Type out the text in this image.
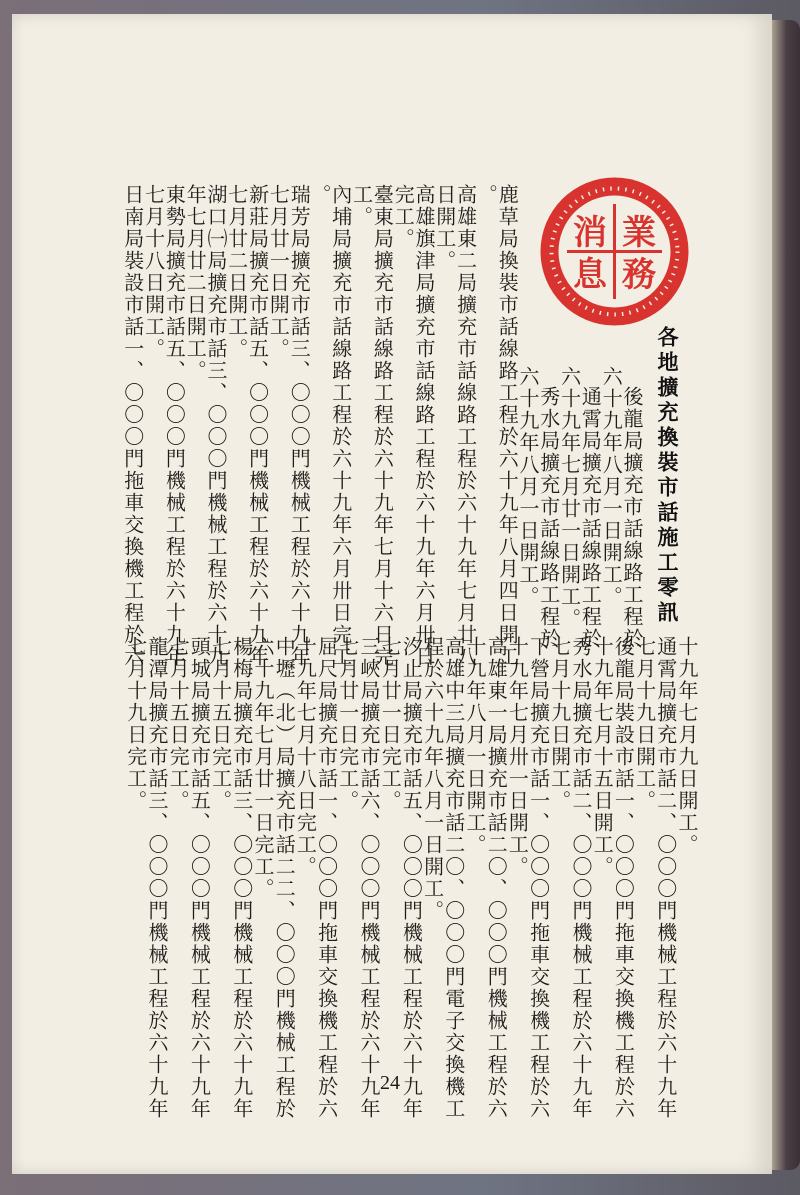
業
務
消
息
各地擴充換裝市話施工零訊
後龍局擴充市話線路工程於
六十九年八月一日開工。
通霄局擴充市話線路工程於
六十九年七月廿一日開工。
秀水局擴充市話線路工程於
六十九年八月一日開工。
鹿草局換裝市話線路工程於六十九年八月四日開工
。
高雄東二局擴充市話線路工程於六十九年七月廿八
日開工。
高雄旗津局擴充市話線路工程於六十九年六月卅日
完工。
臺東局擴充市話線路工程於六十九年七月十六日完
工。
內埔局擴充市話線路工程於六十九年六月卅日完工
。
瑞芳局擴充市話三、〇〇〇門機械工程於六十九年
七月廿一日開工。
新莊局擴充市話五、〇〇〇門機械工程於六十九年
七月廿二日開工。
湖口㈠局擴充市話三、〇〇〇門機械工程於六十九
年七月廿二日開工。
東勢局擴充市話五、〇〇〇門機械工程於六十九年
七月十八日開工。
日南局裝設市話一、〇〇〇門拖車交換機工程於六
十九年七月九日開工。
通霄局擴充市話二、〇〇〇門機械工程於六十九年
七月十九日開工。
後龍局裝設市話一、〇〇〇門拖車交換機工程於六
十九年七月十五日開工。
秀水局擴充市話二、〇〇〇門機械工程於六十九年
七月十九日開工。
下營局擴充市話一、〇〇〇門拖車交換機工程於六
十九年七月卅一日開工。
高雄東一局擴充市話二〇、〇〇〇門機械工程於六
十九年八月一日開工。
高雄中三局擴充市話二〇、〇〇〇門電子交換機工
程於六十九年八月一日開工。
汐止局擴充市話五、〇〇〇門機械工程於六十九年
七月廿一日完工。
三峽局擴充市話六、〇〇〇門機械工程於六十九年
七月廿一日完工。
屈尺局擴充市話一、〇〇〇門拖車交換機工程於六
十九年七月十八日完工。
中壢（北）局擴充市話二二、〇〇〇門機械工程於
六十九年七月廿一日完工。
楊梅局擴充市話三、〇〇〇門機械工程於六十九年
七月十五日完工。
頭城局擴充市話五、〇〇〇門機械工程於六十九年
七月十五日完工。
龍潭局擴充市話三、〇〇〇門機械工程於六十九年
七月十九日完工。
24
